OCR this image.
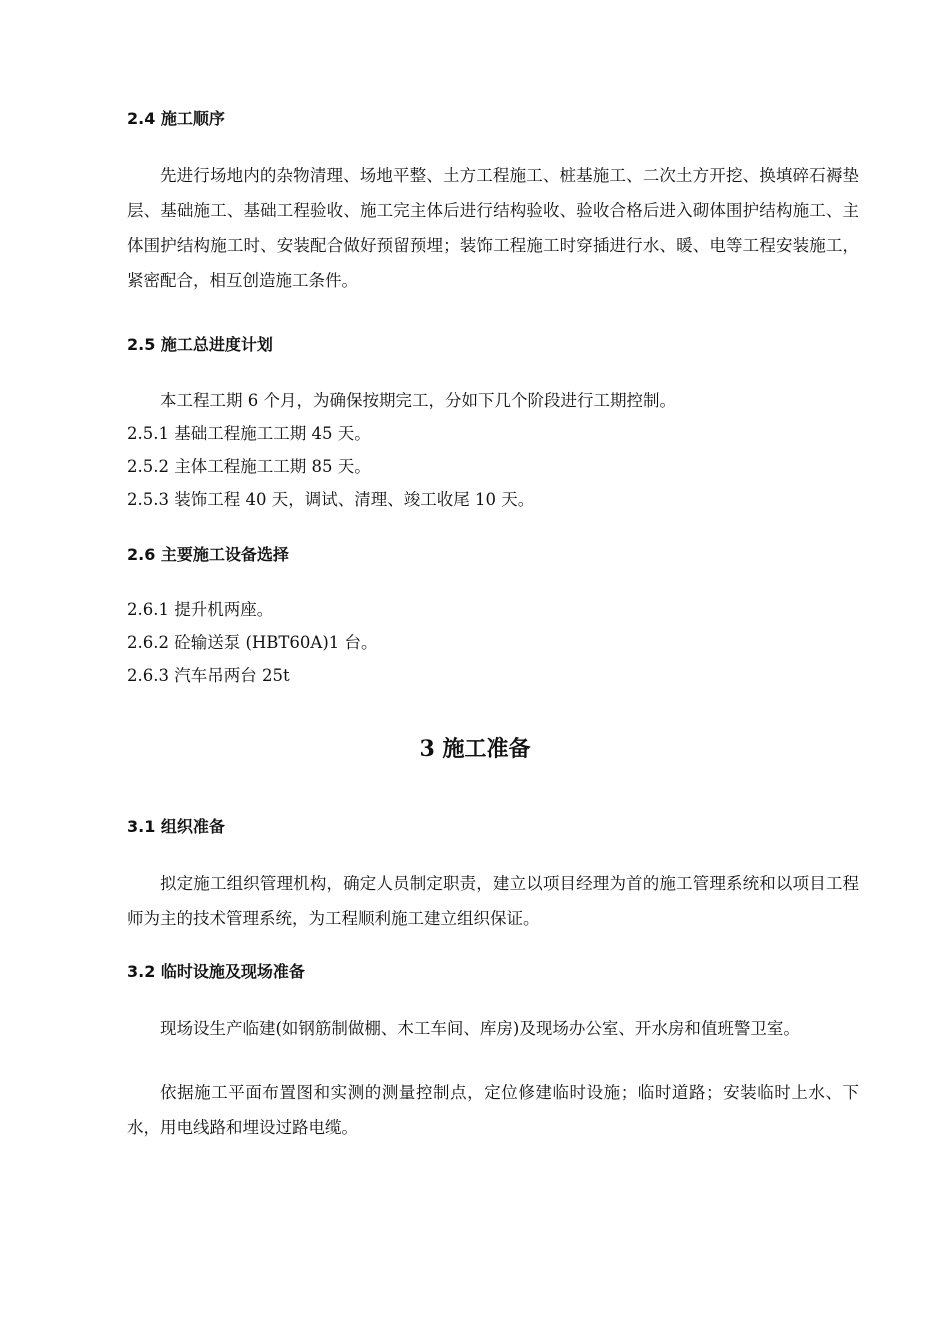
2.4 施工顺序

先进行场地内的杂物清理、场地平整、土方工程施工、桩基施工、二次土方开挖、换填碎石褥垫层、基础施工、基础工程验收、施工完主体后进行结构验收、验收合格后进入砌体围护结构施工、主体围护结构施工时、安装配合做好预留预埋；装饰工程施工时穿插进行水、暖、电等工程安装施工，紧密配合，相互创造施工条件。

2.5 施工总进度计划
本工程工期 6 个月，为确保按期完工，分如下几个阶段进行工期控制。
2.5.1 基础工程施工工期 45 天。
2.5.2 主体工程施工工期 85 天。
2.5.3 装饰工程 40 天，调试、清理、竣工收尾 10 天。
2.6 主要施工设备选择
2.6.1 提升机两座。
2.6.2 砼输送泵 (HBT60A)1 台。
2.6.3 汽车吊两台 25t
3 施工准备
3.1 组织准备

拟定施工组织管理机构，确定人员制定职责，建立以项目经理为首的施工管理系统和以项目工程师为主的技术管理系统，为工程顺利施工建立组织保证。

3.2 临时设施及现场准备

现场设生产临建(如钢筋制做棚、木工车间、库房)及现场办公室、开水房和值班警卫室。

依据施工平面布置图和实测的测量控制点，定位修建临时设施；临时道路；安装临时上水、下水，用电线路和埋设过路电缆。
